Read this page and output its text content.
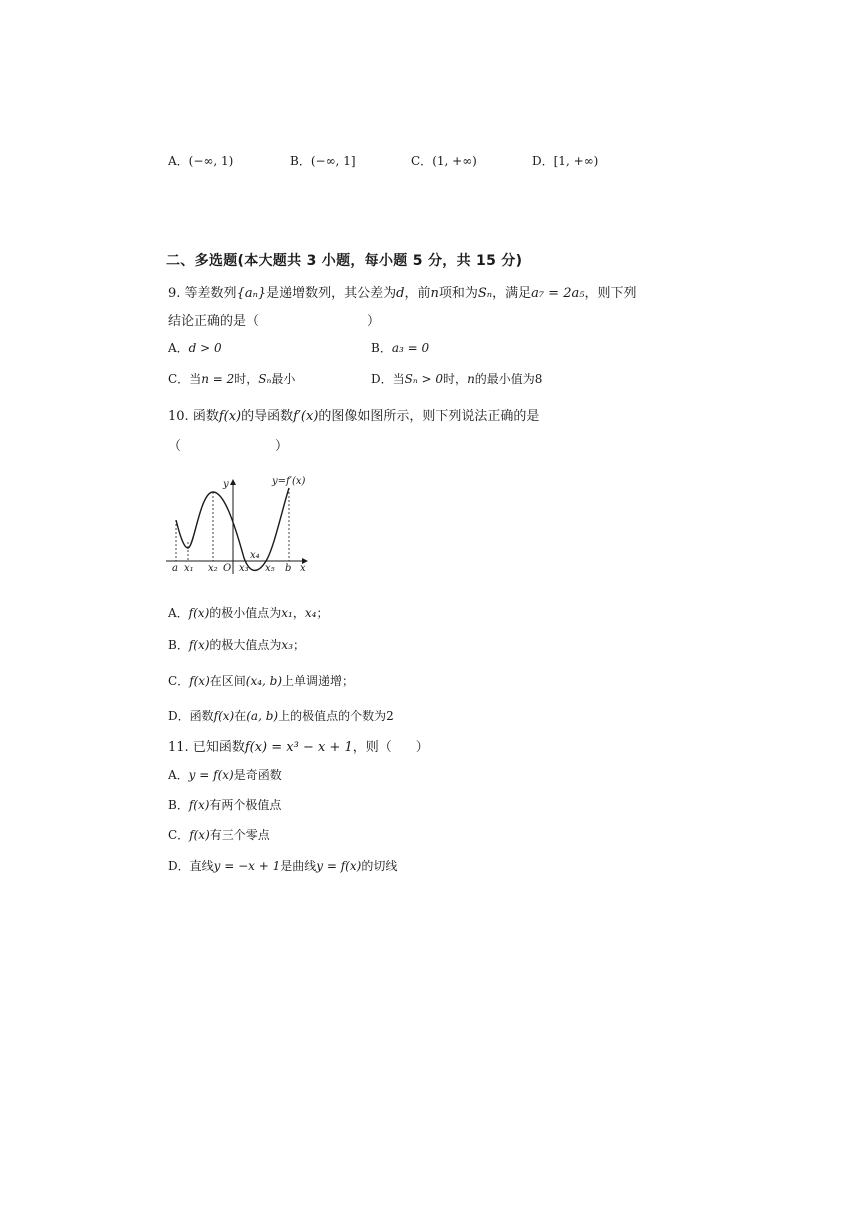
A．(−∞, 1)	B．(−∞, 1]	C．(1, +∞)	D．[1, +∞)
二、多选题(本大题共 3 小题，每小题 5 分，共 15 分)
9. 等差数列{aₙ}是递增数列，其公差为d，前n项和为Sₙ，满足a₇ = 2a₅，则下列
结论正确的是（	）
A．d > 0	B．a₃ = 0
C．当n = 2时，Sₙ最小	D．当Sₙ > 0时，n的最小值为8
10. 函数f(x)的导函数f′(x)的图像如图所示，则下列说法正确的是
（	）
y=f′(x)
y
x
x₄
a x₁ x₂ O x₃ x₅ b
A．f(x)的极小值点为x₁，x₄；
B．f(x)的极大值点为x₃；
C．f(x)在区间(x₄, b)上单调递增；
D．函数f(x)在(a, b)上的极值点的个数为2
11. 已知函数f(x) = x³ − x + 1，则（ ）
A．y = f(x)是奇函数
B．f(x)有两个极值点
C．f(x)有三个零点
D．直线y = −x + 1是曲线y = f(x)的切线
